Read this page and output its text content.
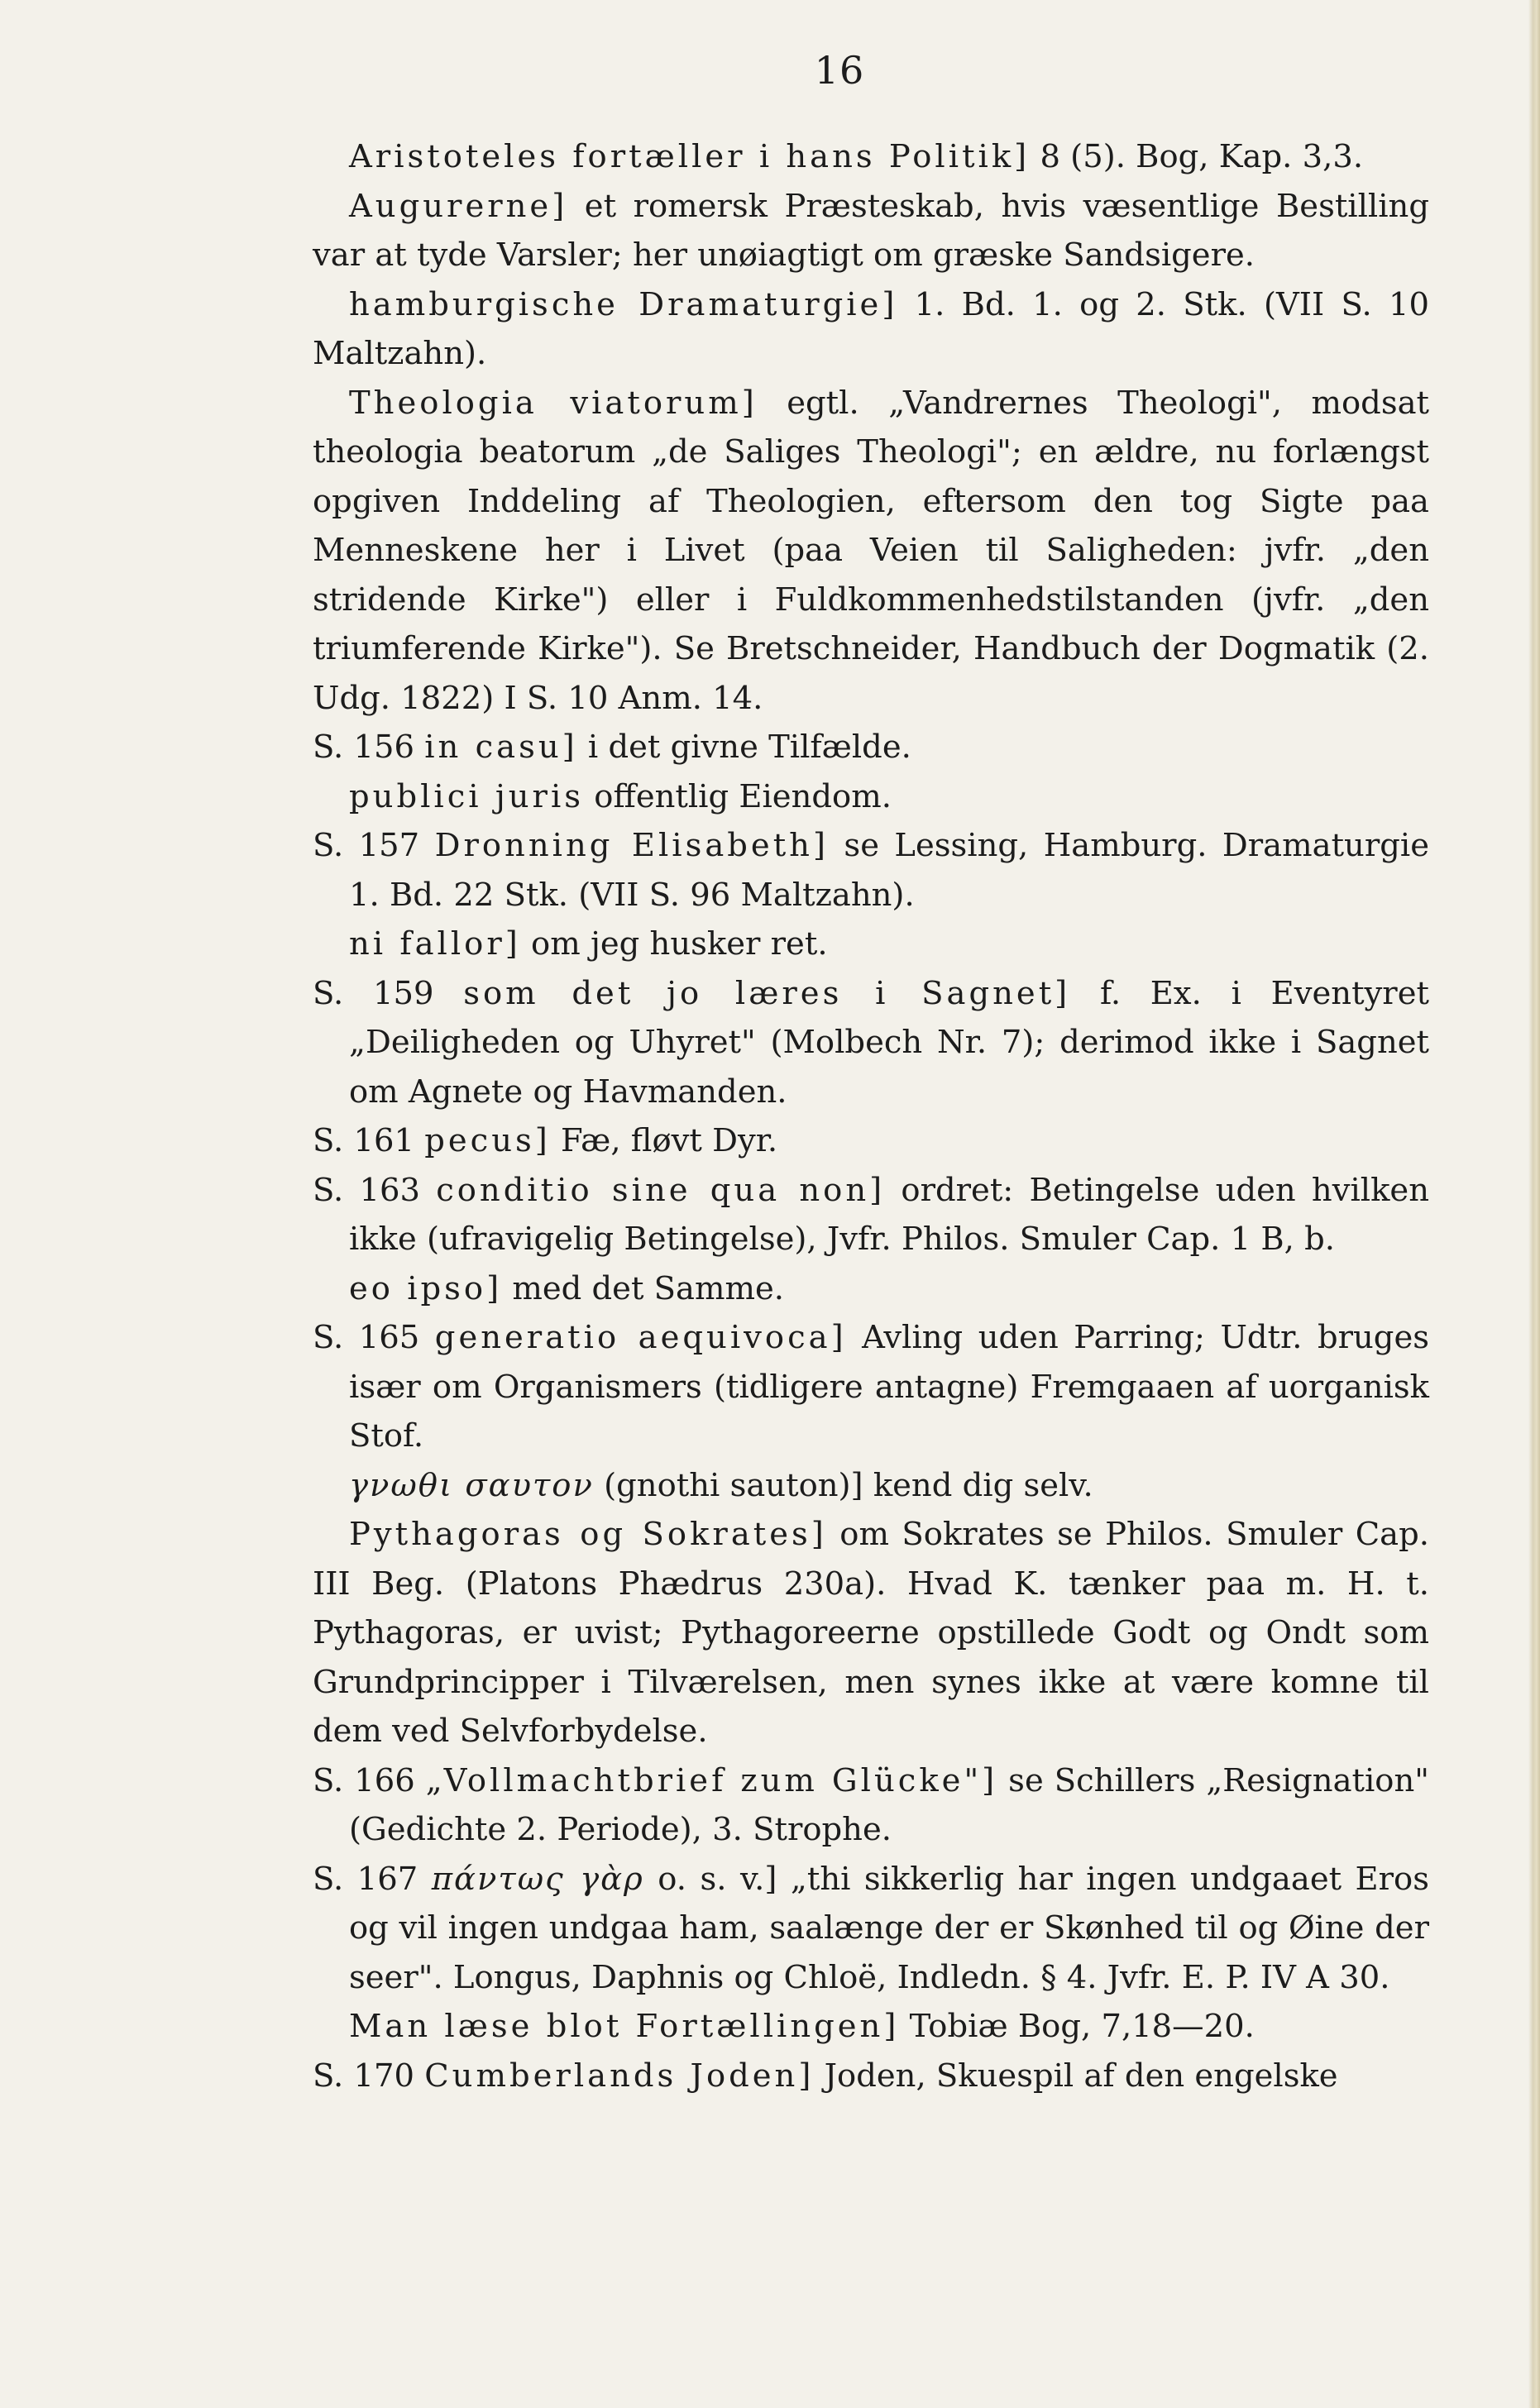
16

Aristoteles fortæller i hans Politik] 8 (5). Bog, Kap. 3,3.

Augurerne] et romersk Præsteskab, hvis væsentlige Bestilling var at tyde Varsler; her unøiagtigt om græske Sandsigere.

hamburgische Dramaturgie] 1. Bd. 1. og 2. Stk. (VII S. 10 Maltzahn).

Theologia viatorum] egtl. „Vandrernes Theologi", modsat theologia beatorum „de Saliges Theologi"; en ældre, nu forlængst opgiven Inddeling af Theologien, eftersom den tog Sigte paa Menneskene her i Livet (paa Veien til Saligheden: jvfr. „den stridende Kirke") eller i Fuldkommenhedstilstanden (jvfr. „den triumferende Kirke"). Se Bretschneider, Handbuch der Dogmatik (2. Udg. 1822) I S. 10 Anm. 14.

S. 156 in casu] i det givne Tilfælde.

publici juris offentlig Eiendom.

S. 157 Dronning Elisabeth] se Lessing, Hamburg. Dramaturgie 1. Bd. 22 Stk. (VII S. 96 Maltzahn).

ni fallor] om jeg husker ret.

S. 159 som det jo læres i Sagnet] f. Ex. i Eventyret „Deiligheden og Uhyret" (Molbech Nr. 7); derimod ikke i Sagnet om Agnete og Havmanden.

S. 161 pecus] Fæ, fløvt Dyr.

S. 163 conditio sine qua non] ordret: Betingelse uden hvilken ikke (ufravigelig Betingelse), Jvfr. Philos. Smuler Cap. 1 B, b.

eo ipso] med det Samme.

S. 165 generatio aequivoca] Avling uden Parring; Udtr. bruges især om Organismers (tidligere antagne) Fremgaaen af uorganisk Stof.

γνωθι σαυτον (gnothi sauton)] kend dig selv.

Pythagoras og Sokrates] om Sokrates se Philos. Smuler Cap. III Beg. (Platons Phædrus 230a). Hvad K. tænker paa m. H. t. Pythagoras, er uvist; Pythagoreerne opstillede Godt og Ondt som Grundprincipper i Tilværelsen, men synes ikke at være komne til dem ved Selvforbydelse.

S. 166 „Vollmachtbrief zum Glücke"] se Schillers „Resignation" (Gedichte 2. Periode), 3. Strophe.

S. 167 πάντως γὰρ o. s. v.] „thi sikkerlig har ingen undgaaet Eros og vil ingen undgaa ham, saalænge der er Skønhed til og Øine der seer". Longus, Daphnis og Chloë, Indledn. § 4. Jvfr. E. P. IV A 30.

Man læse blot Fortællingen] Tobiæ Bog, 7,18—20.

S. 170 Cumberlands Joden] Joden, Skuespil af den engelske
